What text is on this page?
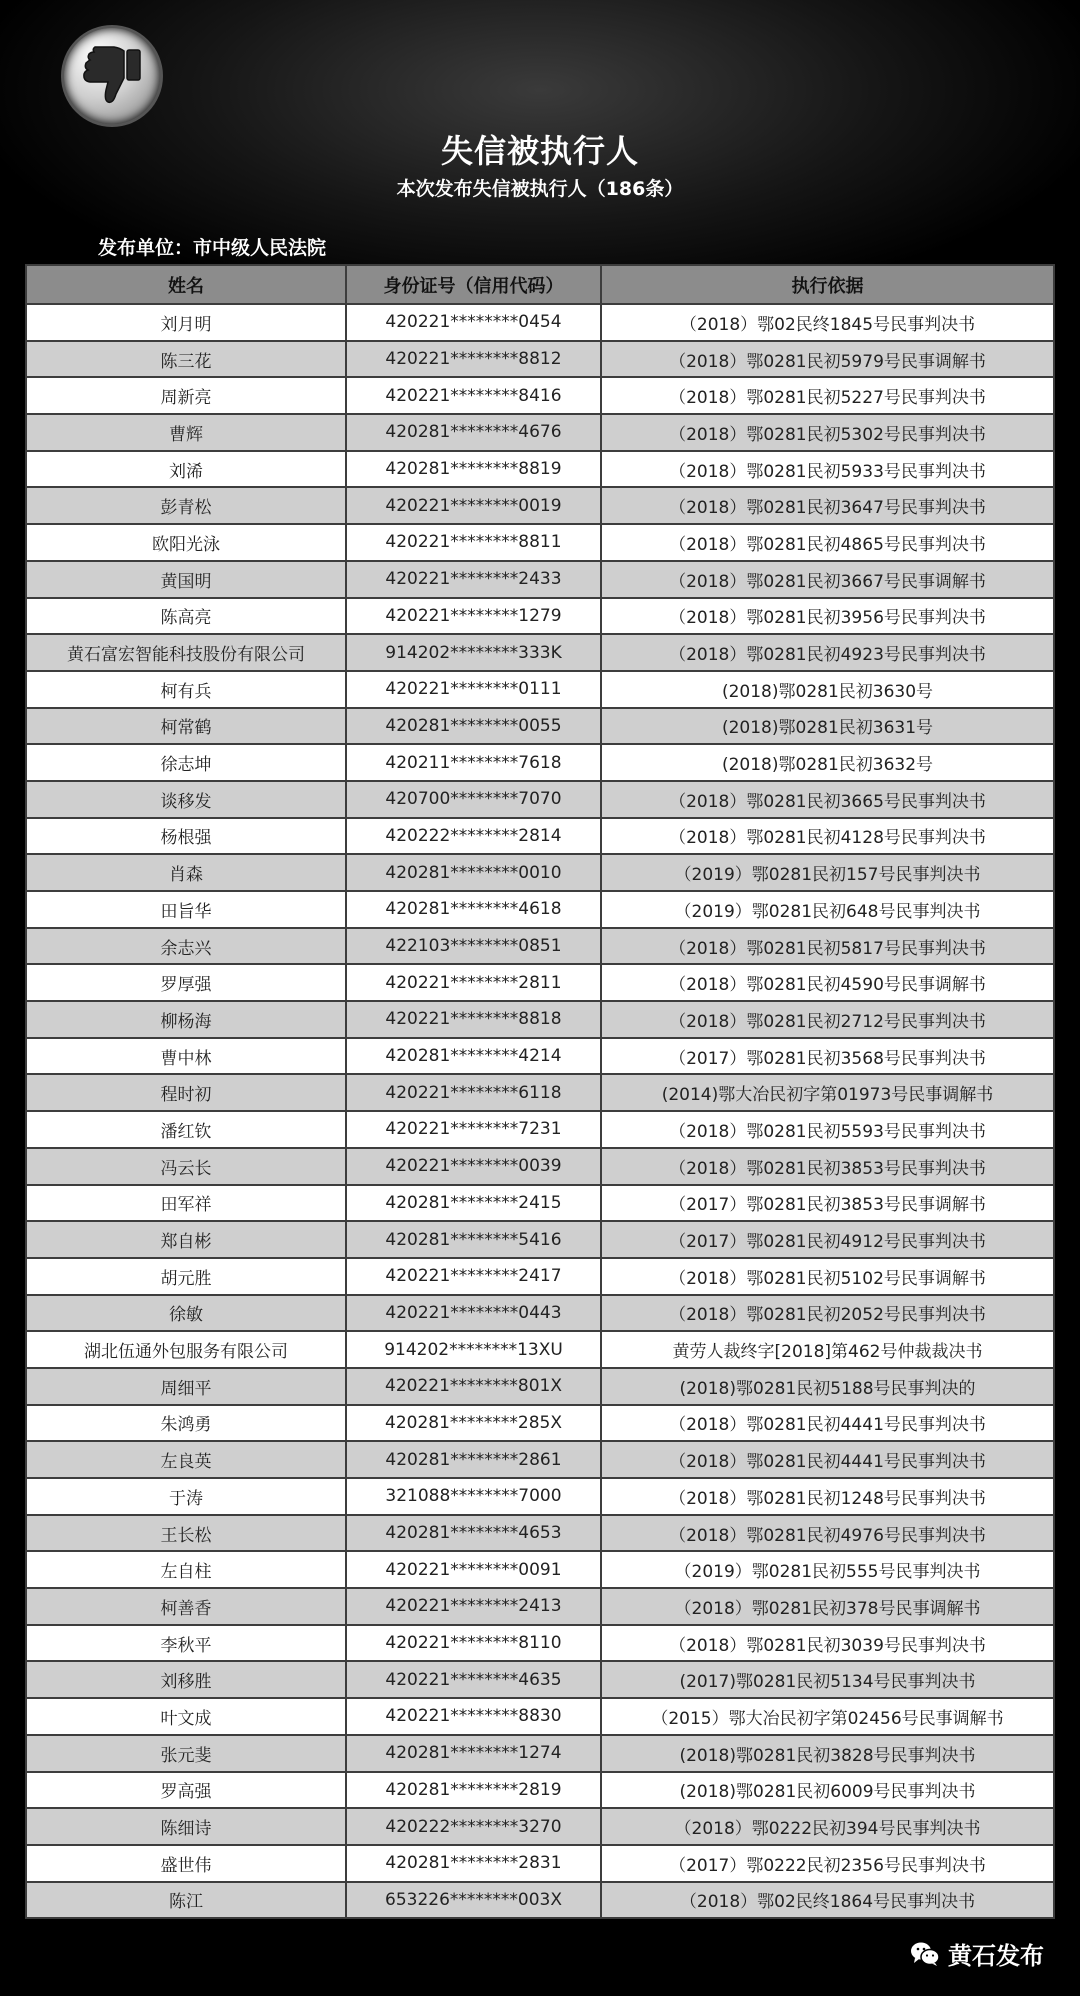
失信被执行人
本次发布失信被执行人（186条）
发布单位：市中级人民法院
姓名	身份证号（信用代码）	执行依据
刘月明	420221********0454	（2018）鄂02民终1845号民事判决书
陈三花	420221********8812	（2018）鄂0281民初5979号民事调解书
周新亮	420221********8416	（2018）鄂0281民初5227号民事判决书
曹辉	420281********4676	（2018）鄂0281民初5302号民事判决书
刘浠	420281********8819	（2018）鄂0281民初5933号民事判决书
彭青松	420221********0019	（2018）鄂0281民初3647号民事判决书
欧阳光泳	420221********8811	（2018）鄂0281民初4865号民事判决书
黄国明	420221********2433	（2018）鄂0281民初3667号民事调解书
陈高亮	420221********1279	（2018）鄂0281民初3956号民事判决书
黄石富宏智能科技股份有限公司	914202********333K	（2018）鄂0281民初4923号民事判决书
柯有兵	420221********0111	(2018)鄂0281民初3630号
柯常鹤	420281********0055	(2018)鄂0281民初3631号
徐志坤	420211********7618	(2018)鄂0281民初3632号
谈移发	420700********7070	（2018）鄂0281民初3665号民事判决书
杨根强	420222********2814	（2018）鄂0281民初4128号民事判决书
肖森	420281********0010	（2019）鄂0281民初157号民事判决书
田旨华	420281********4618	（2019）鄂0281民初648号民事判决书
余志兴	422103********0851	（2018）鄂0281民初5817号民事判决书
罗厚强	420221********2811	（2018）鄂0281民初4590号民事调解书
柳杨海	420221********8818	（2018）鄂0281民初2712号民事判决书
曹中林	420281********4214	（2017）鄂0281民初3568号民事判决书
程时初	420221********6118	(2014)鄂大冶民初字第01973号民事调解书
潘红钦	420221********7231	（2018）鄂0281民初5593号民事判决书
冯云长	420221********0039	（2018）鄂0281民初3853号民事判决书
田军祥	420281********2415	（2017）鄂0281民初3853号民事调解书
郑自彬	420281********5416	（2017）鄂0281民初4912号民事判决书
胡元胜	420221********2417	（2018）鄂0281民初5102号民事调解书
徐敏	420221********0443	（2018）鄂0281民初2052号民事判决书
湖北伍通外包服务有限公司	914202********13XU	黄劳人裁终字[2018]第462号仲裁裁决书
周细平	420221********801X	(2018)鄂0281民初5188号民事判决的
朱鸿勇	420281********285X	（2018）鄂0281民初4441号民事判决书
左良英	420281********2861	（2018）鄂0281民初4441号民事判决书
于涛	321088********7000	（2018）鄂0281民初1248号民事判决书
王长松	420281********4653	（2018）鄂0281民初4976号民事判决书
左自柱	420221********0091	（2019）鄂0281民初555号民事判决书
柯善香	420221********2413	（2018）鄂0281民初378号民事调解书
李秋平	420221********8110	（2018）鄂0281民初3039号民事判决书
刘移胜	420221********4635	(2017)鄂0281民初5134号民事判决书
叶文成	420221********8830	（2015）鄂大冶民初字第02456号民事调解书
张元斐	420281********1274	(2018)鄂0281民初3828号民事判决书
罗高强	420281********2819	(2018)鄂0281民初6009号民事判决书
陈细诗	420222********3270	（2018）鄂0222民初394号民事判决书
盛世伟	420281********2831	（2017）鄂0222民初2356号民事判决书
陈江	653226********003X	（2018）鄂02民终1864号民事判决书
黄石发布
